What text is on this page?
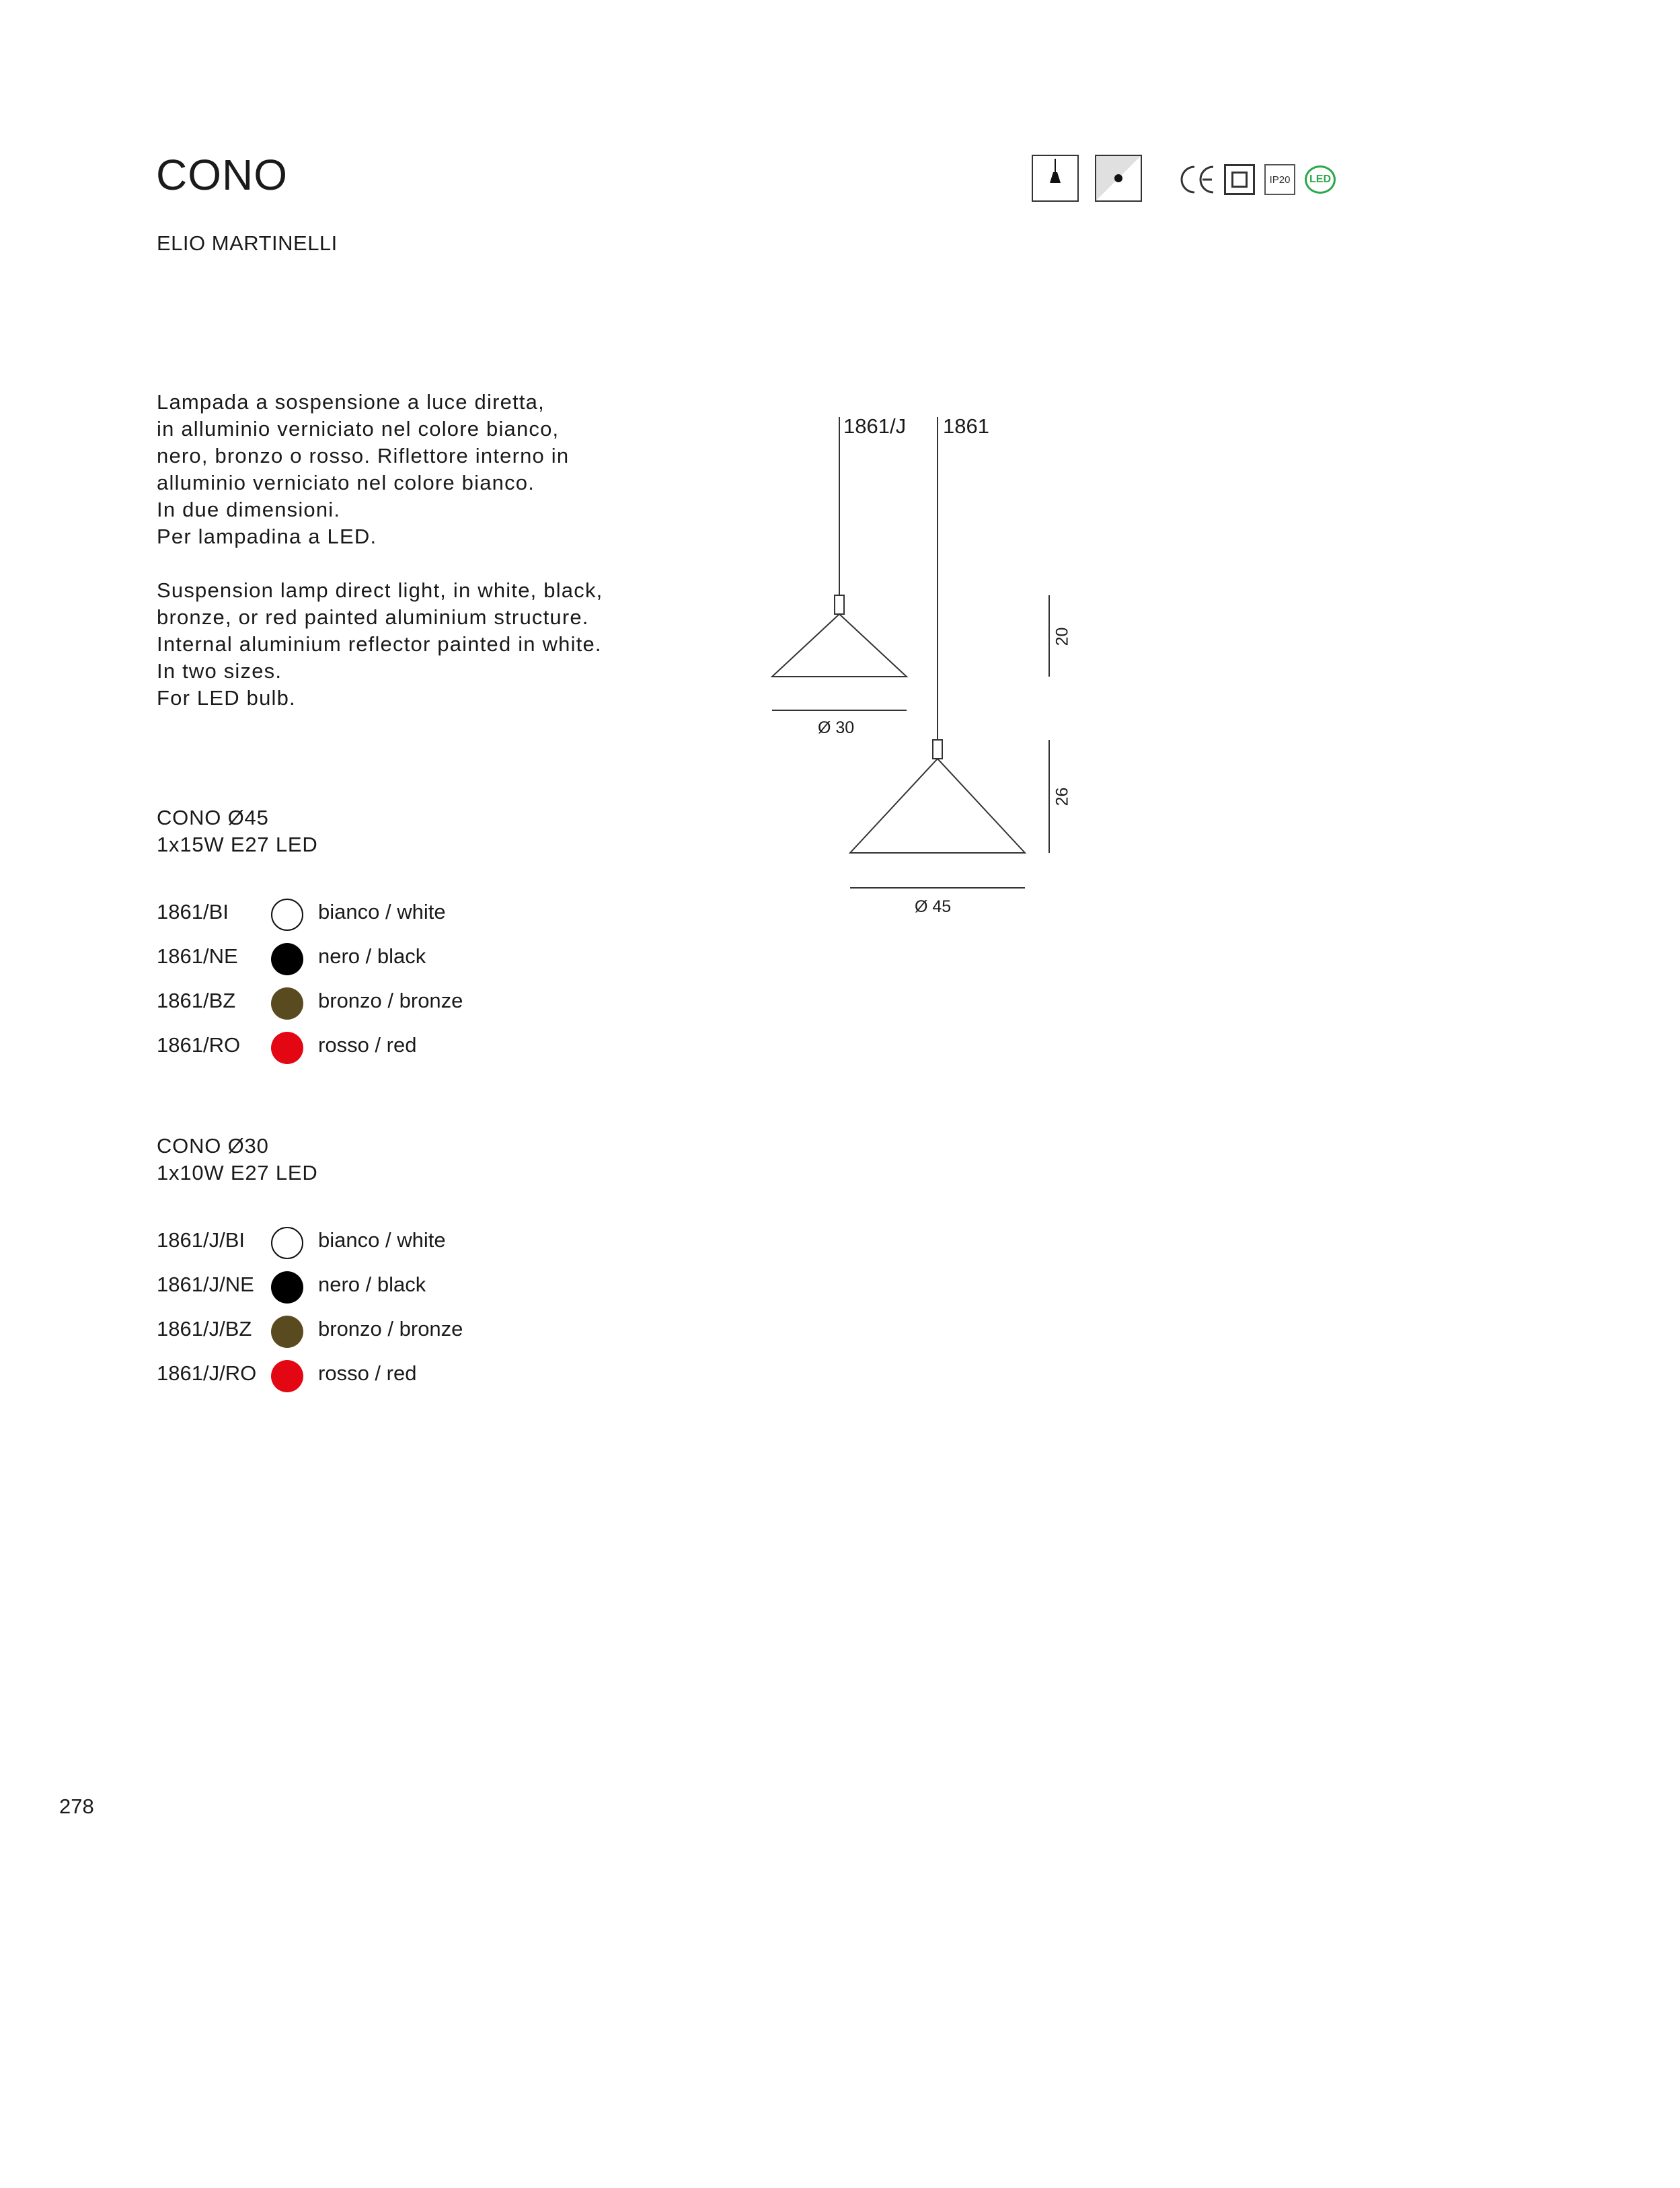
CONO
ELIO MARTINELLI
IP20	LED

Lampada a sospensione a luce diretta,

in alluminio verniciato nel colore bianco,

nero, bronzo o rosso. Riflettore interno in

alluminio verniciato nel colore bianco.

In due dimensioni.

Per lampadina a LED.

Suspension lamp direct light, in white, black,

bronze, or red painted aluminium structure.

Internal aluminium reflector painted in white.

In two sizes.

For LED bulb.

CONO Ø45

1x15W E27 LED

1861/BI	bianco / white
1861/NE	nero / black
1861/BZ	bronzo / bronze
1861/RO	rosso / red

CONO Ø30

1x10W E27 LED

1861/J/BI	bianco / white
1861/J/NE	nero / black
1861/J/BZ	bronzo / bronze
1861/J/RO	rosso / red
1861/J 1861
Ø 30
Ø 45
20
26
278
